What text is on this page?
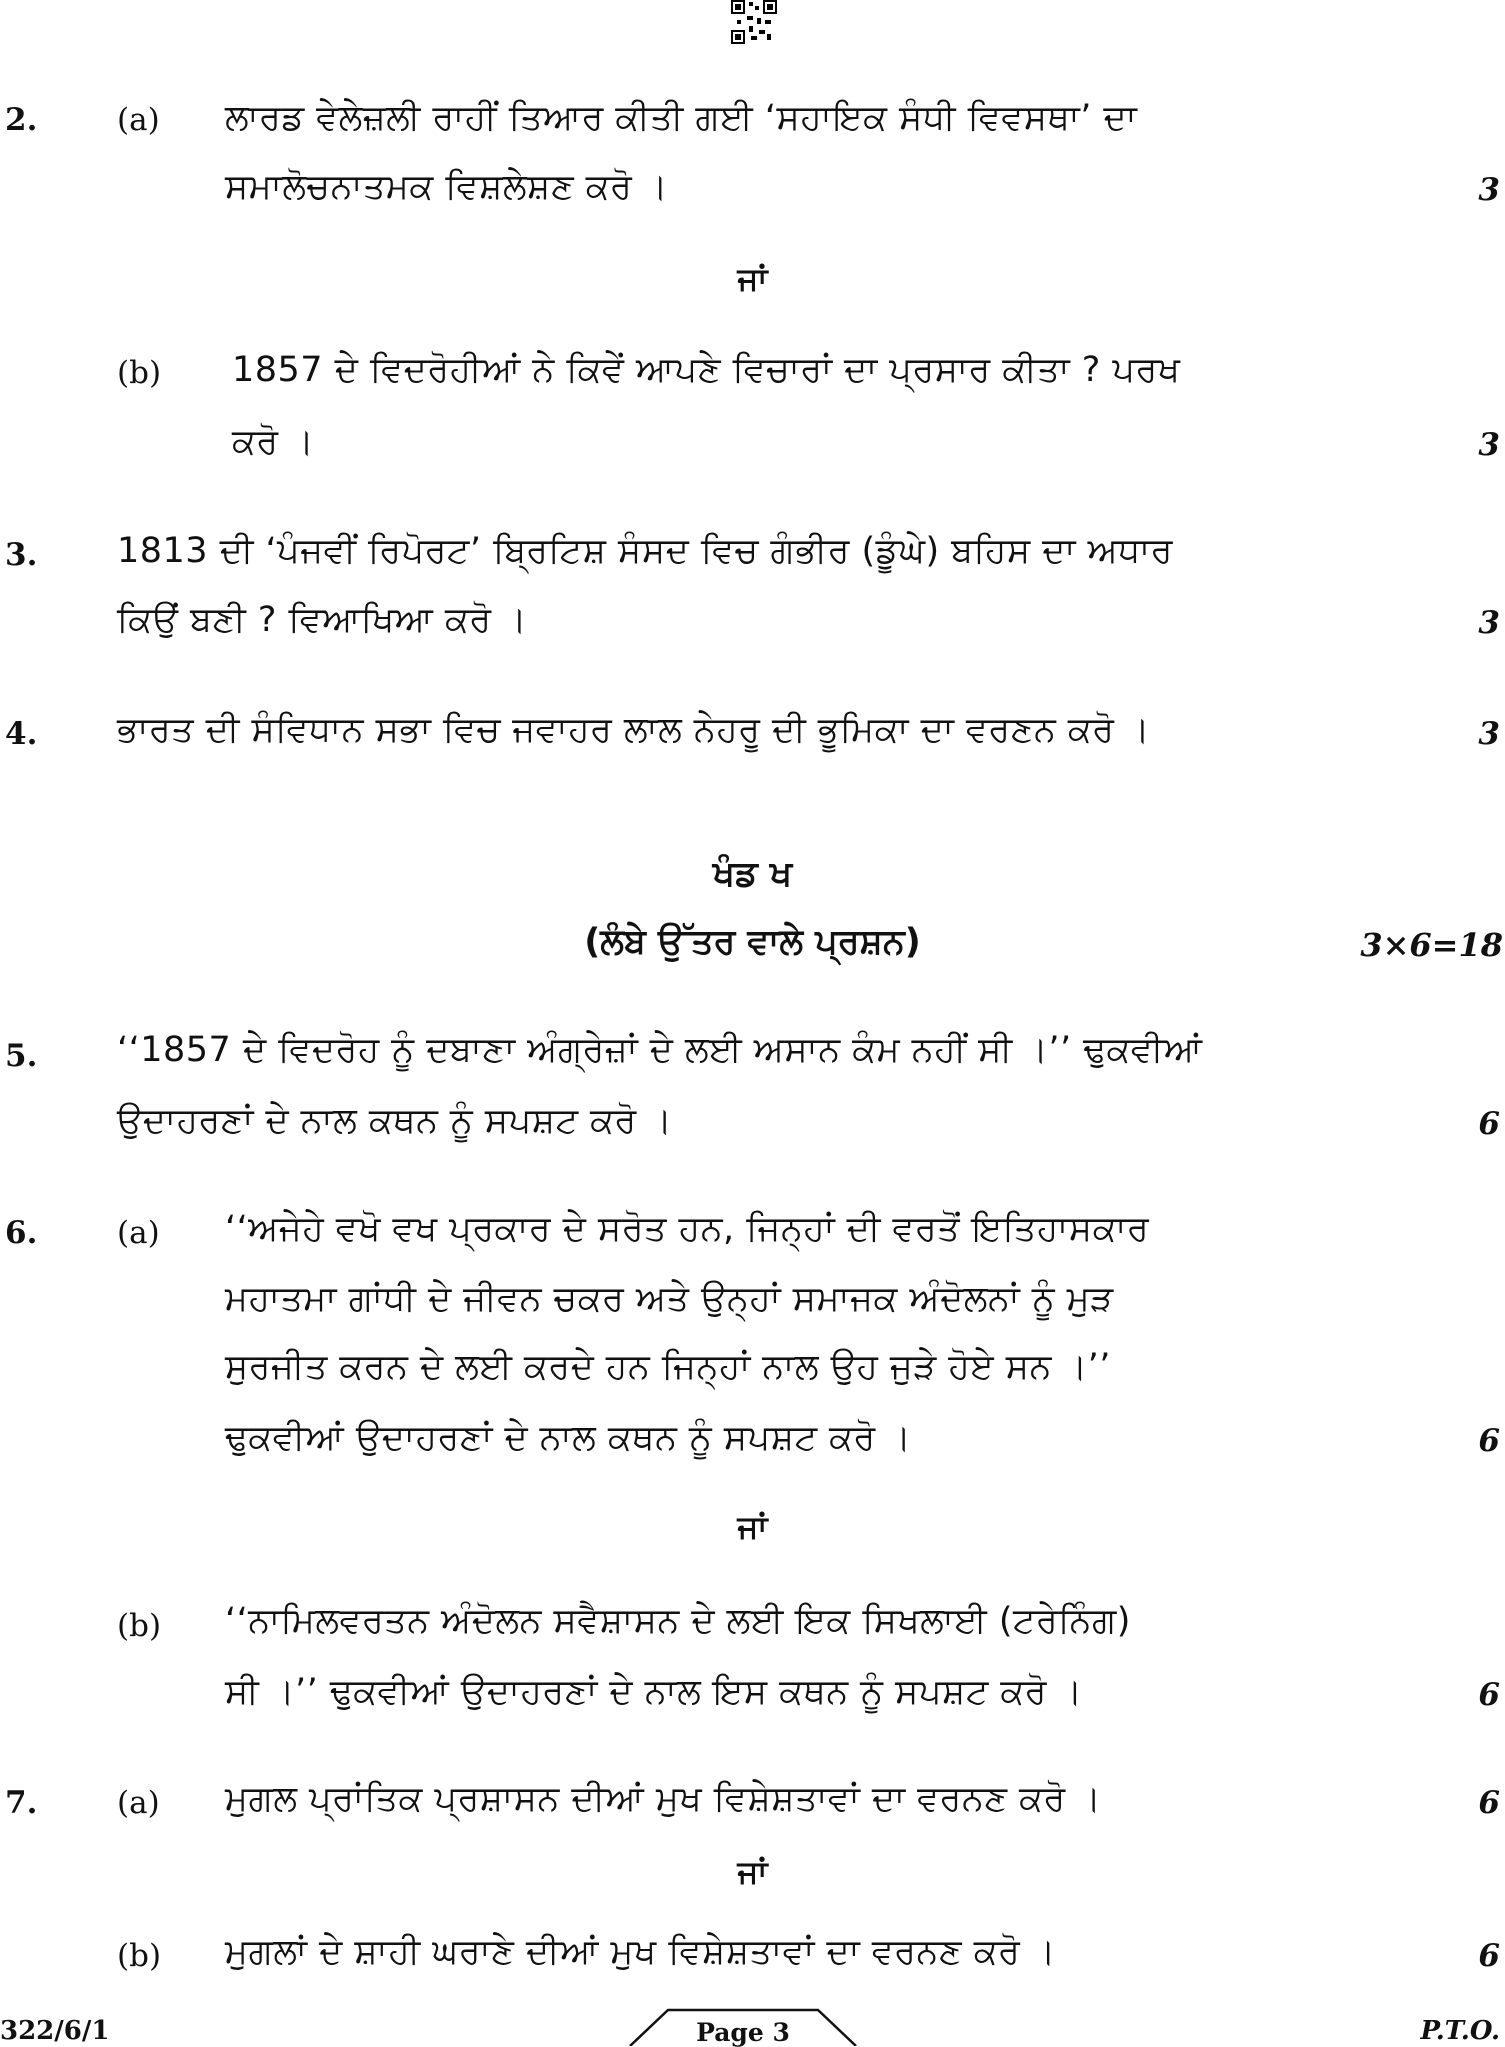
2.	(a) ਲਾਰਡ ਵੇਲੇਜ਼ਲੀ ਰਾਹੀਂ ਤਿਆਰ ਕੀਤੀ ਗਈ ‘ਸਹਾਇਕ ਸੰਧੀ ਵਿਵਸਥਾ’ ਦਾ
ਸਮਾਲੋਚਨਾਤਮਕ ਵਿਸ਼ਲੇਸ਼ਣ ਕਰੋ ।	3
ਜਾਂ
(b) 1857 ਦੇ ਵਿਦਰੋਹੀਆਂ ਨੇ ਕਿਵੇਂ ਆਪਣੇ ਵਿਚਾਰਾਂ ਦਾ ਪ੍ਰਸਾਰ ਕੀਤਾ ? ਪਰਖ
ਕਰੋ ।	3
3. 1813 ਦੀ ‘ਪੰਜਵੀਂ ਰਿਪੋਰਟ’ ਬ੍ਰਿਟਿਸ਼ ਸੰਸਦ ਵਿਚ ਗੰਭੀਰ (ਡੂੰਘੇ) ਬਹਿਸ ਦਾ ਅਧਾਰ
ਕਿਉਂ ਬਣੀ ? ਵਿਆਖਿਆ ਕਰੋ ।	3
4. ਭਾਰਤ ਦੀ ਸੰਵਿਧਾਨ ਸਭਾ ਵਿਚ ਜਵਾਹਰ ਲਾਲ ਨੇਹਰੂ ਦੀ ਭੂਮਿਕਾ ਦਾ ਵਰਣਨ ਕਰੋ ।	3
ਖੰਡ ਖ
(ਲੰਬੇ ਉੱਤਰ ਵਾਲੇ ਪ੍ਰਸ਼ਨ)	3×6=18
5. ‘‘1857 ਦੇ ਵਿਦਰੋਹ ਨੂੰ ਦਬਾਣਾ ਅੰਗ੍ਰੇਜ਼ਾਂ ਦੇ ਲਈ ਅਸਾਨ ਕੰਮ ਨਹੀਂ ਸੀ ।’’ ਢੁਕਵੀਆਂ
ਉਦਾਹਰਣਾਂ ਦੇ ਨਾਲ ਕਥਨ ਨੂੰ ਸਪਸ਼ਟ ਕਰੋ ।	6
6.	(a) ‘‘ਅਜੇਹੇ ਵਖੋ ਵਖ ਪ੍ਰਕਾਰ ਦੇ ਸਰੋਤ ਹਨ, ਜਿਨ੍ਹਾਂ ਦੀ ਵਰਤੋਂ ਇਤਿਹਾਸਕਾਰ
ਮਹਾਤਮਾ ਗਾਂਧੀ ਦੇ ਜੀਵਨ ਚਕਰ ਅਤੇ ਉਨ੍ਹਾਂ ਸਮਾਜਕ ਅੰਦੋਲਨਾਂ ਨੂੰ ਮੁੜ
ਸੁਰਜੀਤ ਕਰਨ ਦੇ ਲਈ ਕਰਦੇ ਹਨ ਜਿਨ੍ਹਾਂ ਨਾਲ ਉਹ ਜੁੜੇ ਹੋਏ ਸਨ ।’’
ਢੁਕਵੀਆਂ ਉਦਾਹਰਣਾਂ ਦੇ ਨਾਲ ਕਥਨ ਨੂੰ ਸਪਸ਼ਟ ਕਰੋ ।	6
ਜਾਂ
(b) ‘‘ਨਾਮਿਲਵਰਤਨ ਅੰਦੋਲਨ ਸਵੈਸ਼ਾਸਨ ਦੇ ਲਈ ਇਕ ਸਿਖਲਾਈ (ਟਰੇਨਿੰਗ)
ਸੀ ।’’ ਢੁਕਵੀਆਂ ਉਦਾਹਰਣਾਂ ਦੇ ਨਾਲ ਇਸ ਕਥਨ ਨੂੰ ਸਪਸ਼ਟ ਕਰੋ ।	6
7.	(a) ਮੁਗਲ ਪ੍ਰਾਂਤਿਕ ਪ੍ਰਸ਼ਾਸਨ ਦੀਆਂ ਮੁਖ ਵਿਸ਼ੇਸ਼ਤਾਵਾਂ ਦਾ ਵਰਨਣ ਕਰੋ ।	6
ਜਾਂ
(b) ਮੁਗਲਾਂ ਦੇ ਸ਼ਾਹੀ ਘਰਾਣੇ ਦੀਆਂ ਮੁਖ ਵਿਸ਼ੇਸ਼ਤਾਵਾਂ ਦਾ ਵਰਨਣ ਕਰੋ ।	6
322/6/1	Page 3	P.T.O.
